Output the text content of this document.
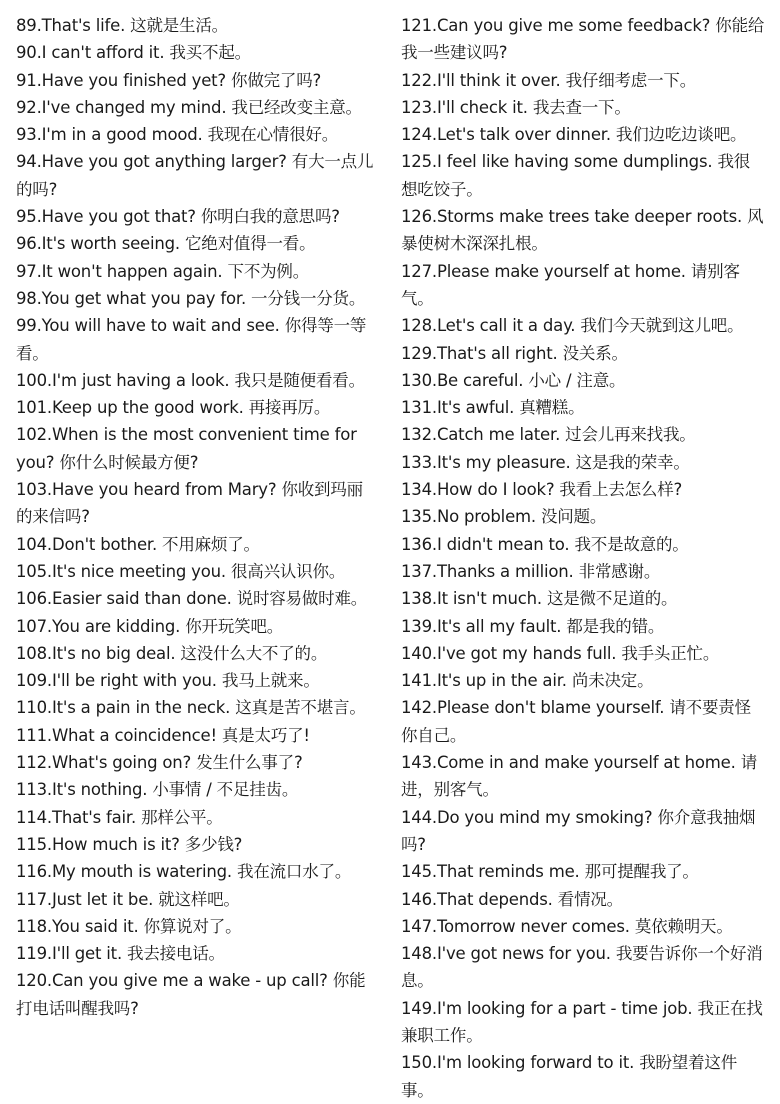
89.That's life. 这就是生活。
90.I can't afford it. 我买不起。
91.Have you finished yet? 你做完了吗?
92.I've changed my mind. 我已经改变主意。
93.I'm in a good mood. 我现在心情很好。
94.Have you got anything larger? 有大一点儿的吗?
95.Have you got that? 你明白我的意思吗?
96.It's worth seeing. 它绝对值得一看。
97.It won't happen again. 下不为例。
98.You get what you pay for. 一分钱一分货。
99.You will have to wait and see. 你得等一等看。
100.I'm just having a look. 我只是随便看看。
101.Keep up the good work. 再接再厉。
102.When is the most convenient time for you? 你什么时候最方便?
103.Have you heard from Mary? 你收到玛丽的来信吗?
104.Don't bother. 不用麻烦了。
105.It's nice meeting you. 很高兴认识你。
106.Easier said than done. 说时容易做时难。
107.You are kidding. 你开玩笑吧。
108.It's no big deal. 这没什么大不了的。
109.I'll be right with you. 我马上就来。
110.It's a pain in the neck. 这真是苦不堪言。
111.What a coincidence! 真是太巧了!
112.What's going on? 发生什么事了?
113.It's nothing. 小事情 / 不足挂齿。
114.That's fair. 那样公平。
115.How much is it? 多少钱?
116.My mouth is watering. 我在流口水了。
117.Just let it be. 就这样吧。
118.You said it. 你算说对了。
119.I'll get it. 我去接电话。
120.Can you give me a wake - up call? 你能打电话叫醒我吗?
121.Can you give me some feedback? 你能给我一些建议吗?
122.I'll think it over. 我仔细考虑一下。
123.I'll check it. 我去查一下。
124.Let's talk over dinner. 我们边吃边谈吧。
125.I feel like having some dumplings. 我很想吃饺子。
126.Storms make trees take deeper roots. 风暴使树木深深扎根。
127.Please make yourself at home. 请别客气。
128.Let's call it a day. 我们今天就到这儿吧。
129.That's all right. 没关系。
130.Be careful. 小心 / 注意。
131.It's awful. 真糟糕。
132.Catch me later. 过会儿再来找我。
133.It's my pleasure. 这是我的荣幸。
134.How do I look? 我看上去怎么样?
135.No problem. 没问题。
136.I didn't mean to. 我不是故意的。
137.Thanks a million. 非常感谢。
138.It isn't much. 这是微不足道的。
139.It's all my fault. 都是我的错。
140.I've got my hands full. 我手头正忙。
141.It's up in the air. 尚未决定。
142.Please don't blame yourself. 请不要责怪你自己。
143.Come in and make yourself at home. 请进，别客气。
144.Do you mind my smoking? 你介意我抽烟吗?
145.That reminds me. 那可提醒我了。
146.That depends. 看情况。
147.Tomorrow never comes. 莫依赖明天。
148.I've got news for you. 我要告诉你一个好消息。
149.I'm looking for a part - time job. 我正在找兼职工作。
150.I'm looking forward to it. 我盼望着这件事。
